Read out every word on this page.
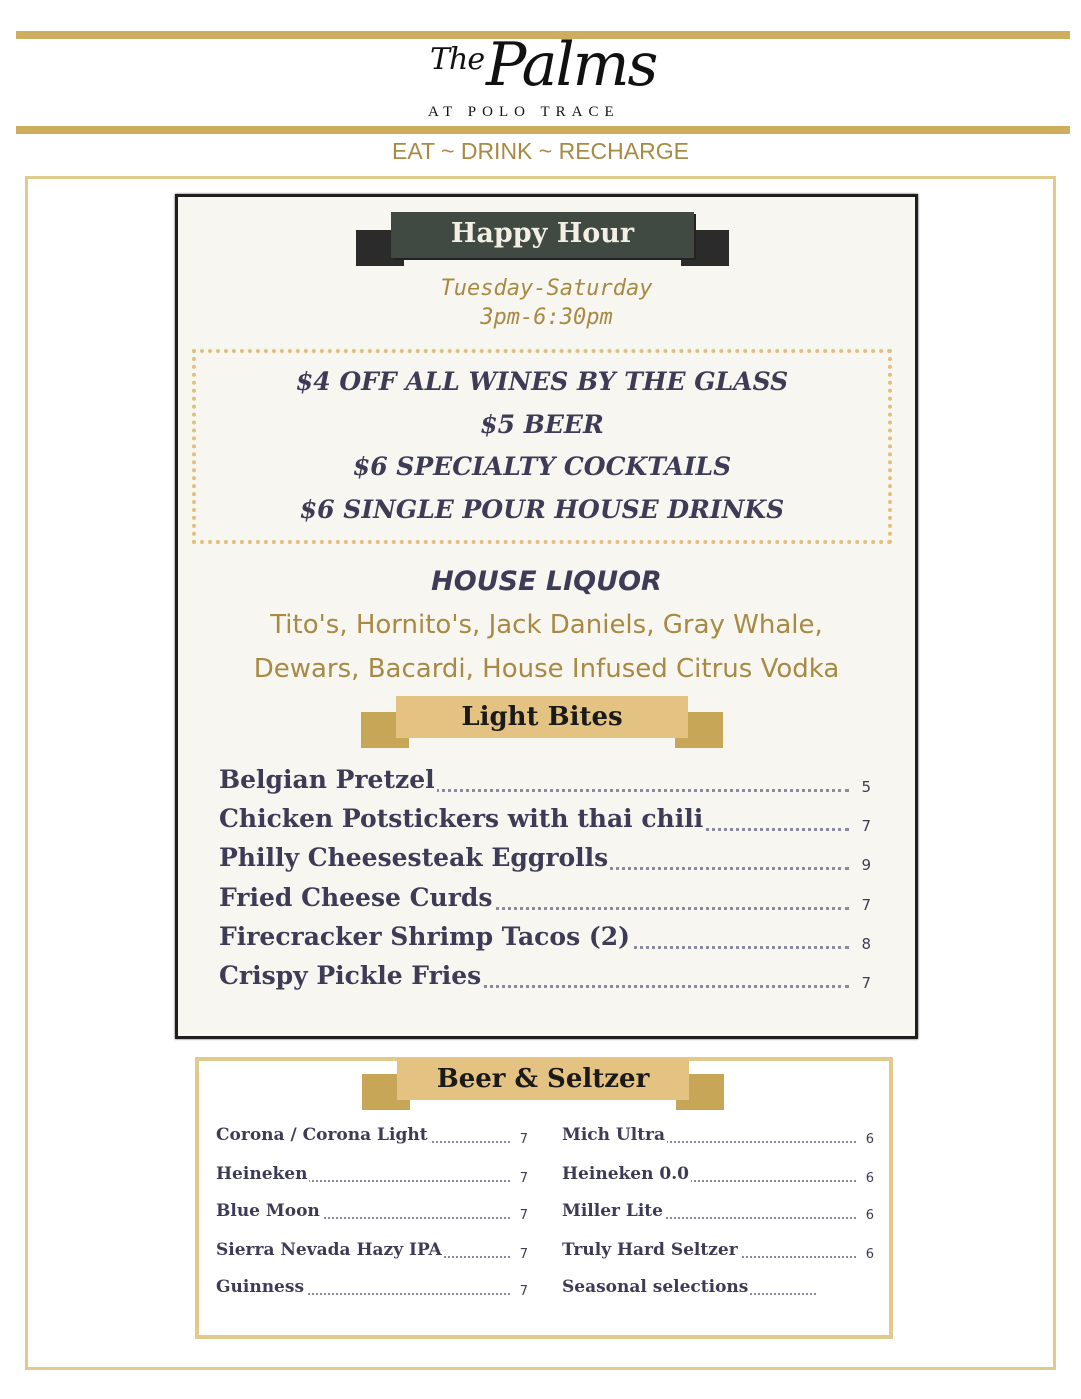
The Palms
AT POLO TRACE
EAT ~ DRINK ~ RECHARGE
Happy Hour
Tuesday-Saturday
3pm-6:30pm
$4 OFF ALL WINES BY THE GLASS
$5 BEER
$6 SPECIALTY COCKTAILS
$6 SINGLE POUR HOUSE DRINKS
HOUSE LIQUOR
Tito's, Hornito's, Jack Daniels, Gray Whale,
Dewars, Bacardi, House Infused Citrus Vodka
Light Bites
Belgian Pretzel	5
Chicken Potstickers with thai chili	7
Philly Cheesesteak Eggrolls	9
Fried Cheese Curds	7
Firecracker Shrimp Tacos (2)	8
Crispy Pickle Fries	7
Beer & Seltzer
Corona / Corona Light	7
Heineken	7
Blue Moon	7
Sierra Nevada Hazy IPA	7
Guinness	7
Mich Ultra	6
Heineken 0.0	6
Miller Lite	6
Truly Hard Seltzer	6
Seasonal selections
